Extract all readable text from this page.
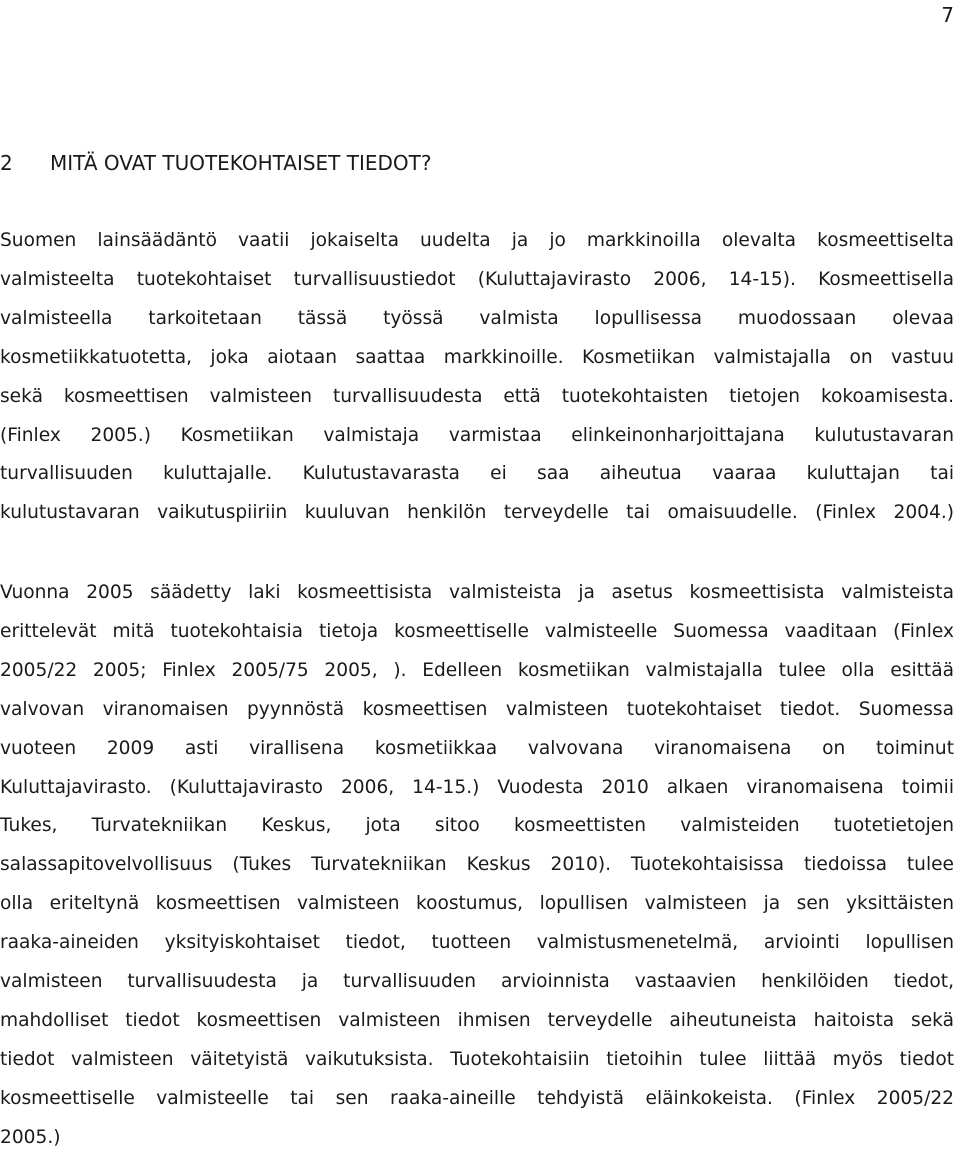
7
2	MITÄ OVAT TUOTEKOHTAISET TIEDOT?
Suomen lainsäädäntö vaatii jokaiselta uudelta ja jo markkinoilla olevalta kosmeettiselta
valmisteelta tuotekohtaiset turvallisuustiedot (Kuluttajavirasto 2006, 14-15). Kosmeettisella
valmisteella tarkoitetaan tässä työssä valmista lopullisessa muodossaan olevaa
kosmetiikkatuotetta, joka aiotaan saattaa markkinoille. Kosmetiikan valmistajalla on vastuu
sekä kosmeettisen valmisteen turvallisuudesta että tuotekohtaisten tietojen kokoamisesta.
(Finlex 2005.) Kosmetiikan valmistaja varmistaa elinkeinonharjoittajana kulutustavaran
turvallisuuden kuluttajalle. Kulutustavarasta ei saa aiheutua vaaraa kuluttajan tai
kulutustavaran vaikutuspiiriin kuuluvan henkilön terveydelle tai omaisuudelle. (Finlex 2004.)
Vuonna 2005 säädetty laki kosmeettisista valmisteista ja asetus kosmeettisista valmisteista
erittelevät mitä tuotekohtaisia tietoja kosmeettiselle valmisteelle Suomessa vaaditaan (Finlex
2005/22 2005; Finlex 2005/75 2005, ). Edelleen kosmetiikan valmistajalla tulee olla esittää
valvovan viranomaisen pyynnöstä kosmeettisen valmisteen tuotekohtaiset tiedot. Suomessa
vuoteen 2009 asti virallisena kosmetiikkaa valvovana viranomaisena on toiminut
Kuluttajavirasto. (Kuluttajavirasto 2006, 14-15.) Vuodesta 2010 alkaen viranomaisena toimii
Tukes, Turvatekniikan Keskus, jota sitoo kosmeettisten valmisteiden tuotetietojen
salassapitovelvollisuus (Tukes Turvatekniikan Keskus 2010). Tuotekohtaisissa tiedoissa tulee
olla eriteltynä kosmeettisen valmisteen koostumus, lopullisen valmisteen ja sen yksittäisten
raaka-aineiden yksityiskohtaiset tiedot, tuotteen valmistusmenetelmä, arviointi lopullisen
valmisteen turvallisuudesta ja turvallisuuden arvioinnista vastaavien henkilöiden tiedot,
mahdolliset tiedot kosmeettisen valmisteen ihmisen terveydelle aiheutuneista haitoista sekä
tiedot valmisteen väitetyistä vaikutuksista. Tuotekohtaisiin tietoihin tulee liittää myös tiedot
kosmeettiselle valmisteelle tai sen raaka-aineille tehdyistä eläinkokeista. (Finlex 2005/22
2005.)
